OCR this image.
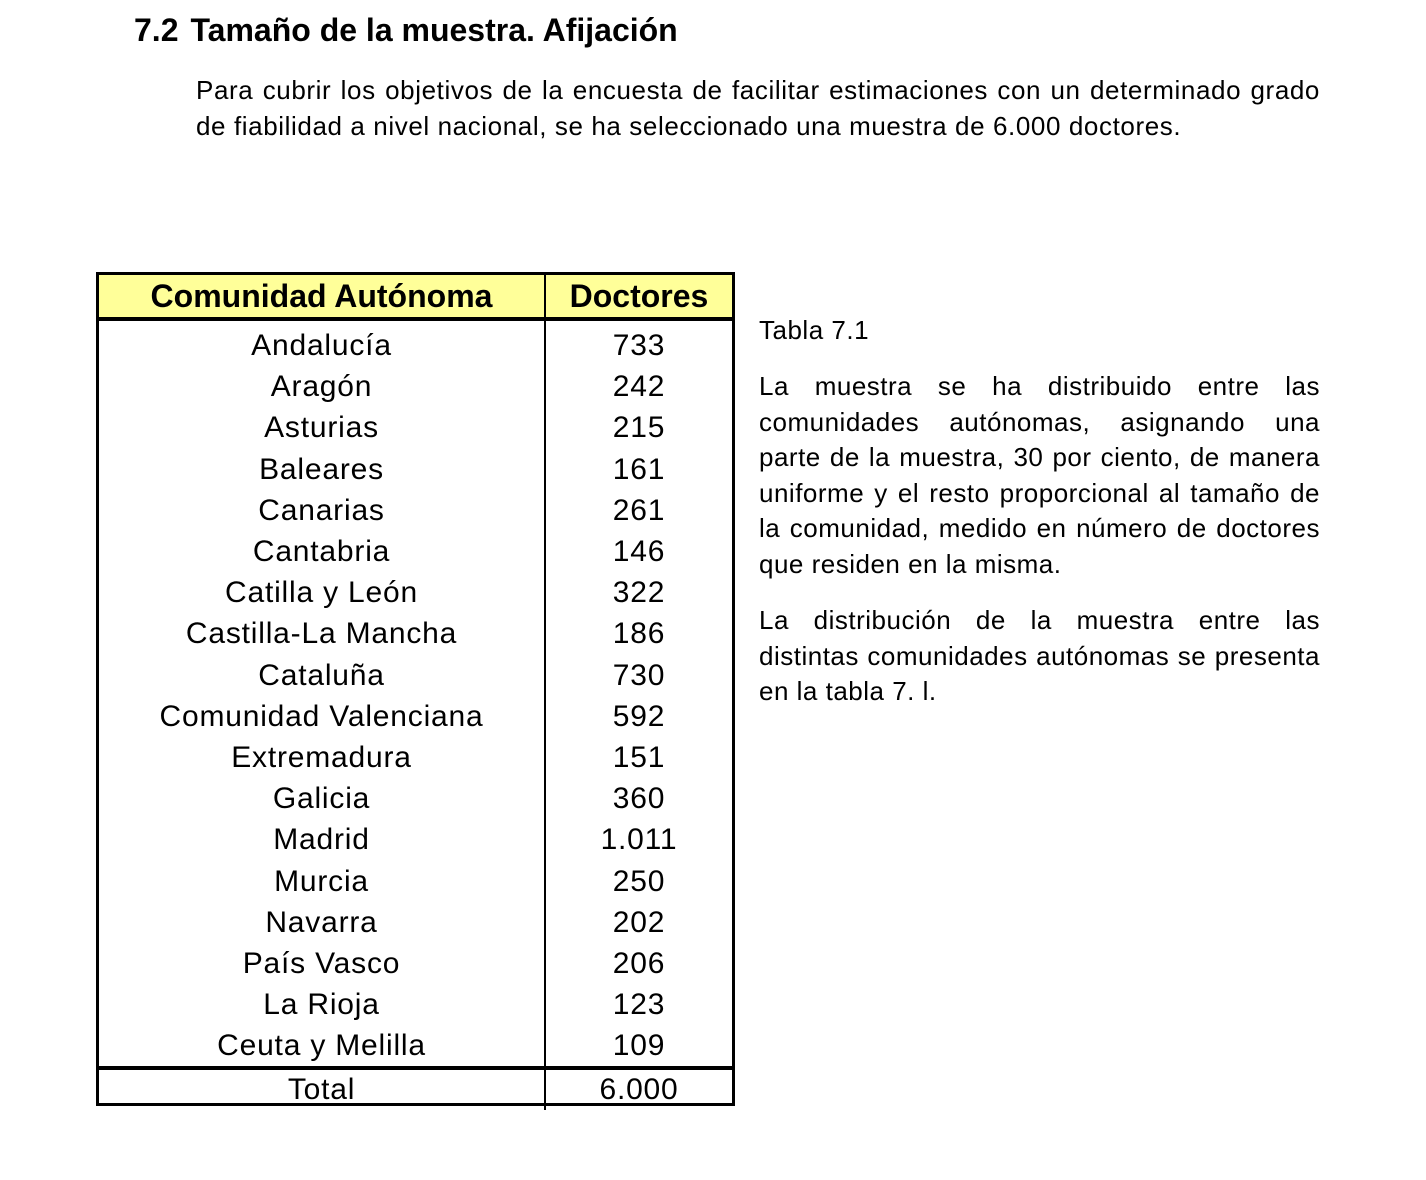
7.2 Tamaño de la muestra. Afijación

Para cubrir los objetivos de la encuesta de facilitar estimaciones con un determinado grado de fiabilidad a nivel nacional, se ha seleccionado una muestra de 6.000 doctores.

Comunidad Autónoma	Doctores
Andalucía	733
Aragón	242
Asturias	215
Baleares	161
Canarias	261
Cantabria	146
Catilla y León	322
Castilla-La Mancha	186
Cataluña	730
Comunidad Valenciana	592
Extremadura	151
Galicia	360
Madrid	1.011
Murcia	250
Navarra	202
País Vasco	206
La Rioja	123
Ceuta y Melilla	109
Total	6.000
Tabla 7.1

La muestra se ha distribuido entre las comunidades autónomas, asignando una parte de la muestra, 30 por ciento, de manera uniforme y el resto proporcional al tamaño de la comunidad, medido en número de doctores que residen en la misma.

La distribución de la muestra entre las distintas comunidades autónomas se presenta en la tabla 7. l.
